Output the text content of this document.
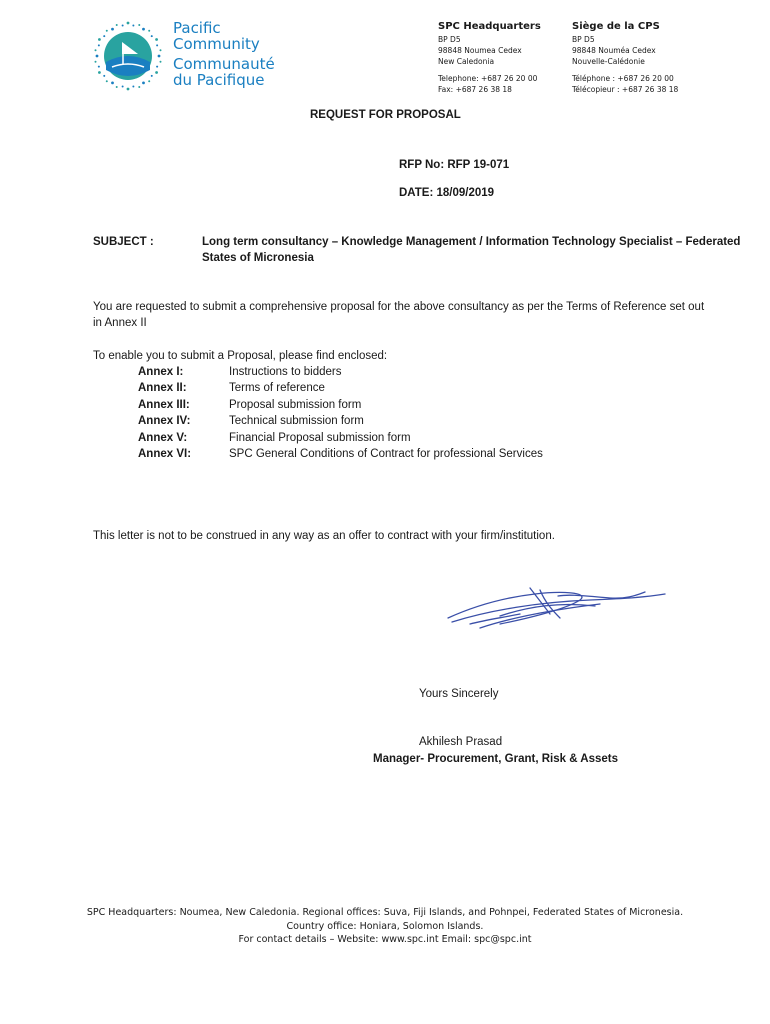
Pacific
Community
Communauté
du Pacifique
SPC Headquarters
BP D5
98848 Noumea Cedex
New Caledonia
Telephone: +687 26 20 00
Fax: +687 26 38 18
Siège de la CPS
BP D5
98848 Nouméa Cedex
Nouvelle-Calédonie
Téléphone : +687 26 20 00
Télécopieur : +687 26 38 18
REQUEST FOR PROPOSAL
RFP No: RFP 19-071
DATE: 18/09/2019
SUBJECT :	Long term consultancy – Knowledge Management / Information Technology Specialist – Federated States of Micronesia
You are requested to submit a comprehensive proposal for the above consultancy as per the Terms of Reference set out in Annex II
To enable you to submit a Proposal, please find enclosed:
Annex I:	Instructions to bidders
Annex II:	Terms of reference
Annex III:	Proposal submission form
Annex IV:	Technical submission form
Annex V:	Financial Proposal submission form
Annex VI:	SPC General Conditions of Contract for professional Services
This letter is not to be construed in any way as an offer to contract with your firm/institution.
Yours Sincerely
Akhilesh Prasad
Manager- Procurement, Grant, Risk & Assets
SPC Headquarters: Noumea, New Caledonia. Regional offices: Suva, Fiji Islands, and Pohnpei, Federated States of Micronesia.
Country office: Honiara, Solomon Islands.
For contact details – Website: www.spc.int Email: spc@spc.int
